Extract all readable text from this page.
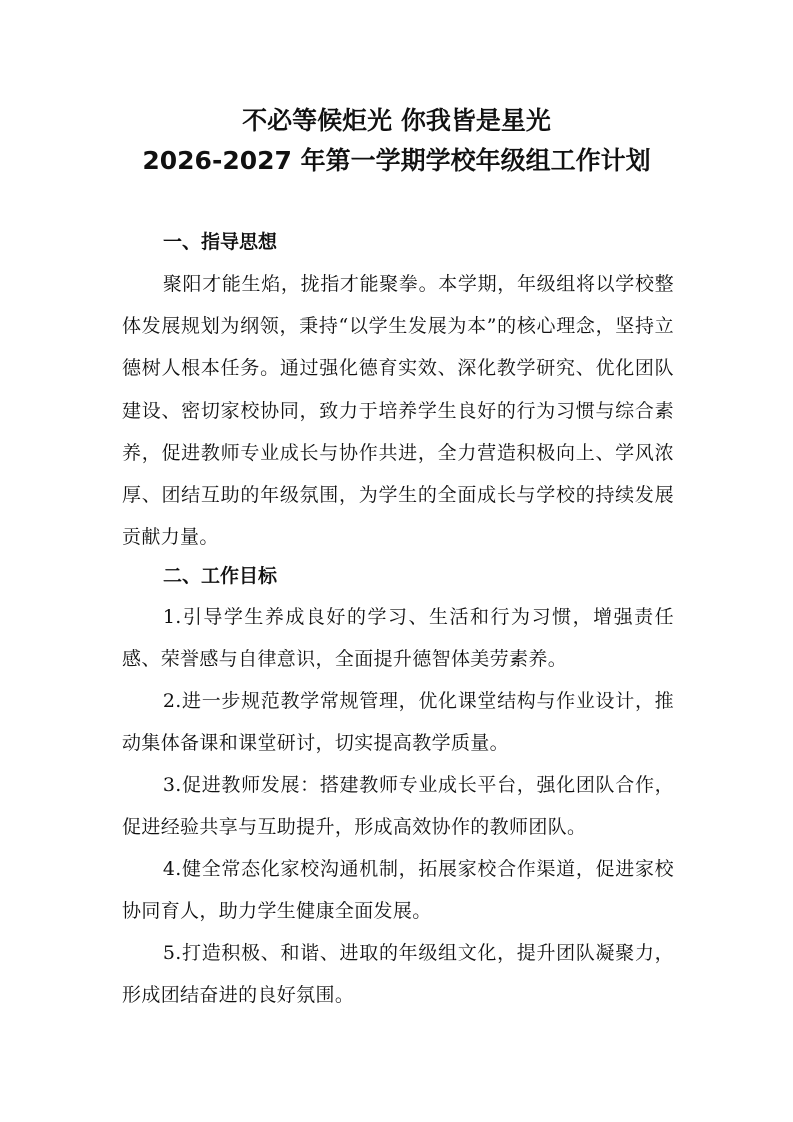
不必等候炬光 你我皆是星光
2026-2027 年第一学期学校年级组工作计划
一、指导思想

聚阳才能生焰，拢指才能聚拳。本学期，年级组将以学校整体发展规划为纲领，秉持“以学生发展为本”的核心理念，坚持立德树人根本任务。通过强化德育实效、深化教学研究、优化团队建设、密切家校协同，致力于培养学生良好的行为习惯与综合素养，促进教师专业成长与协作共进，全力营造积极向上、学风浓厚、团结互助的年级氛围，为学生的全面成长与学校的持续发展贡献力量。

二、工作目标

1.引导学生养成良好的学习、生活和行为习惯，增强责任感、荣誉感与自律意识，全面提升德智体美劳素养。

2.进一步规范教学常规管理，优化课堂结构与作业设计，推动集体备课和课堂研讨，切实提高教学质量。

3.促进教师发展：搭建教师专业成长平台，强化团队合作，促进经验共享与互助提升，形成高效协作的教师团队。

4.健全常态化家校沟通机制，拓展家校合作渠道，促进家校协同育人，助力学生健康全面发展。

5.打造积极、和谐、进取的年级组文化，提升团队凝聚力，形成团结奋进的良好氛围。
